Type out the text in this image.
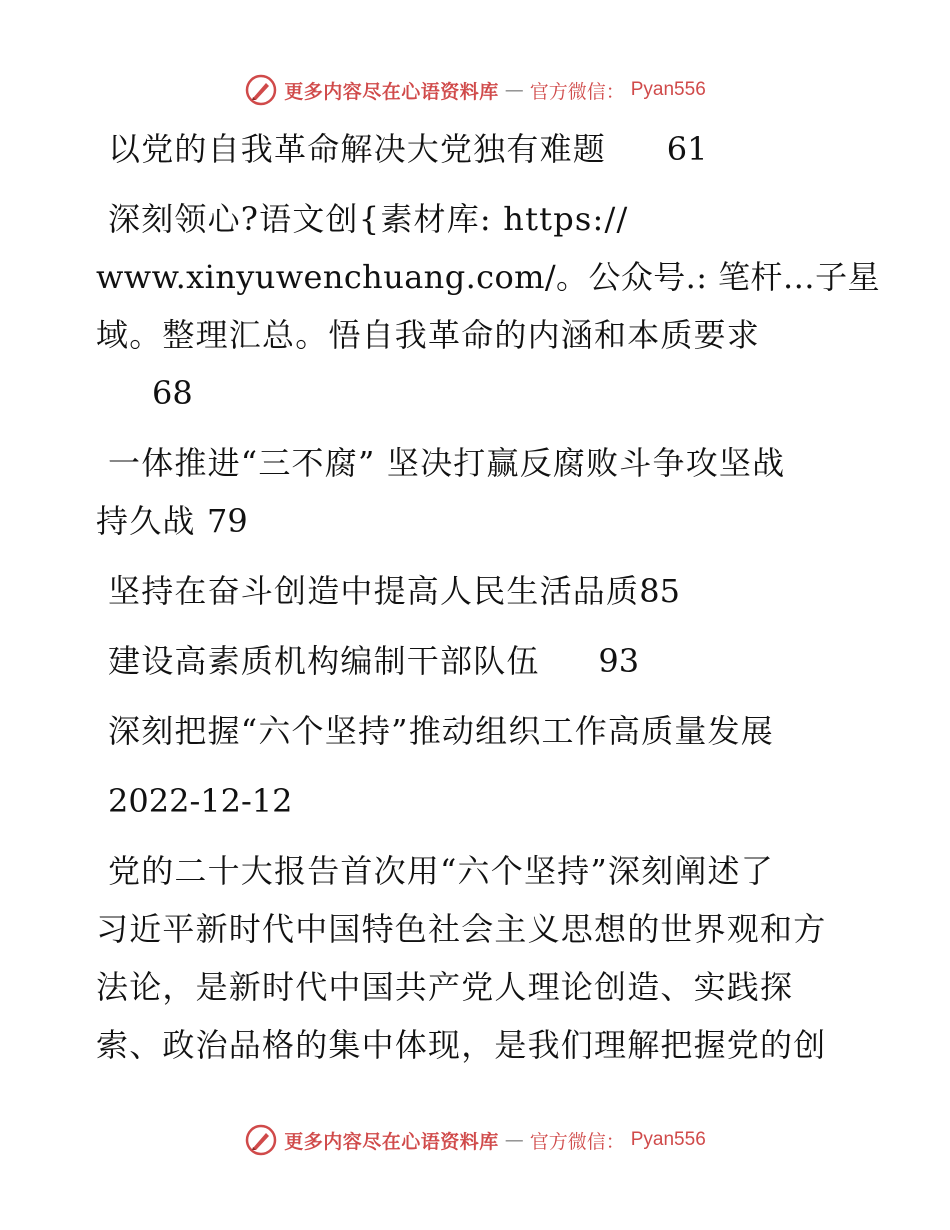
更多内容尽在心语资料库 — 官方微信： Pyan556
以党的自我革命解决大党独有难题 61
深刻领心?语文创{素材库: https://
www.xinyuwenchuang.com/。公众号.: 笔杆…子星
域。整理汇总。悟自我革命的内涵和本质要求
68
一体推进“三不腐” 坚决打赢反腐败斗争攻坚战
持久战 79
坚持在奋斗创造中提高人民生活品质85
建设高素质机构编制干部队伍 93
深刻把握“六个坚持”推动组织工作高质量发展
2022-12-12
党的二十大报告首次用“六个坚持”深刻阐述了
习近平新时代中国特色社会主义思想的世界观和方
法论，是新时代中国共产党人理论创造、实践探
索、政治品格的集中体现，是我们理解把握党的创
更多内容尽在心语资料库 — 官方微信： Pyan556
